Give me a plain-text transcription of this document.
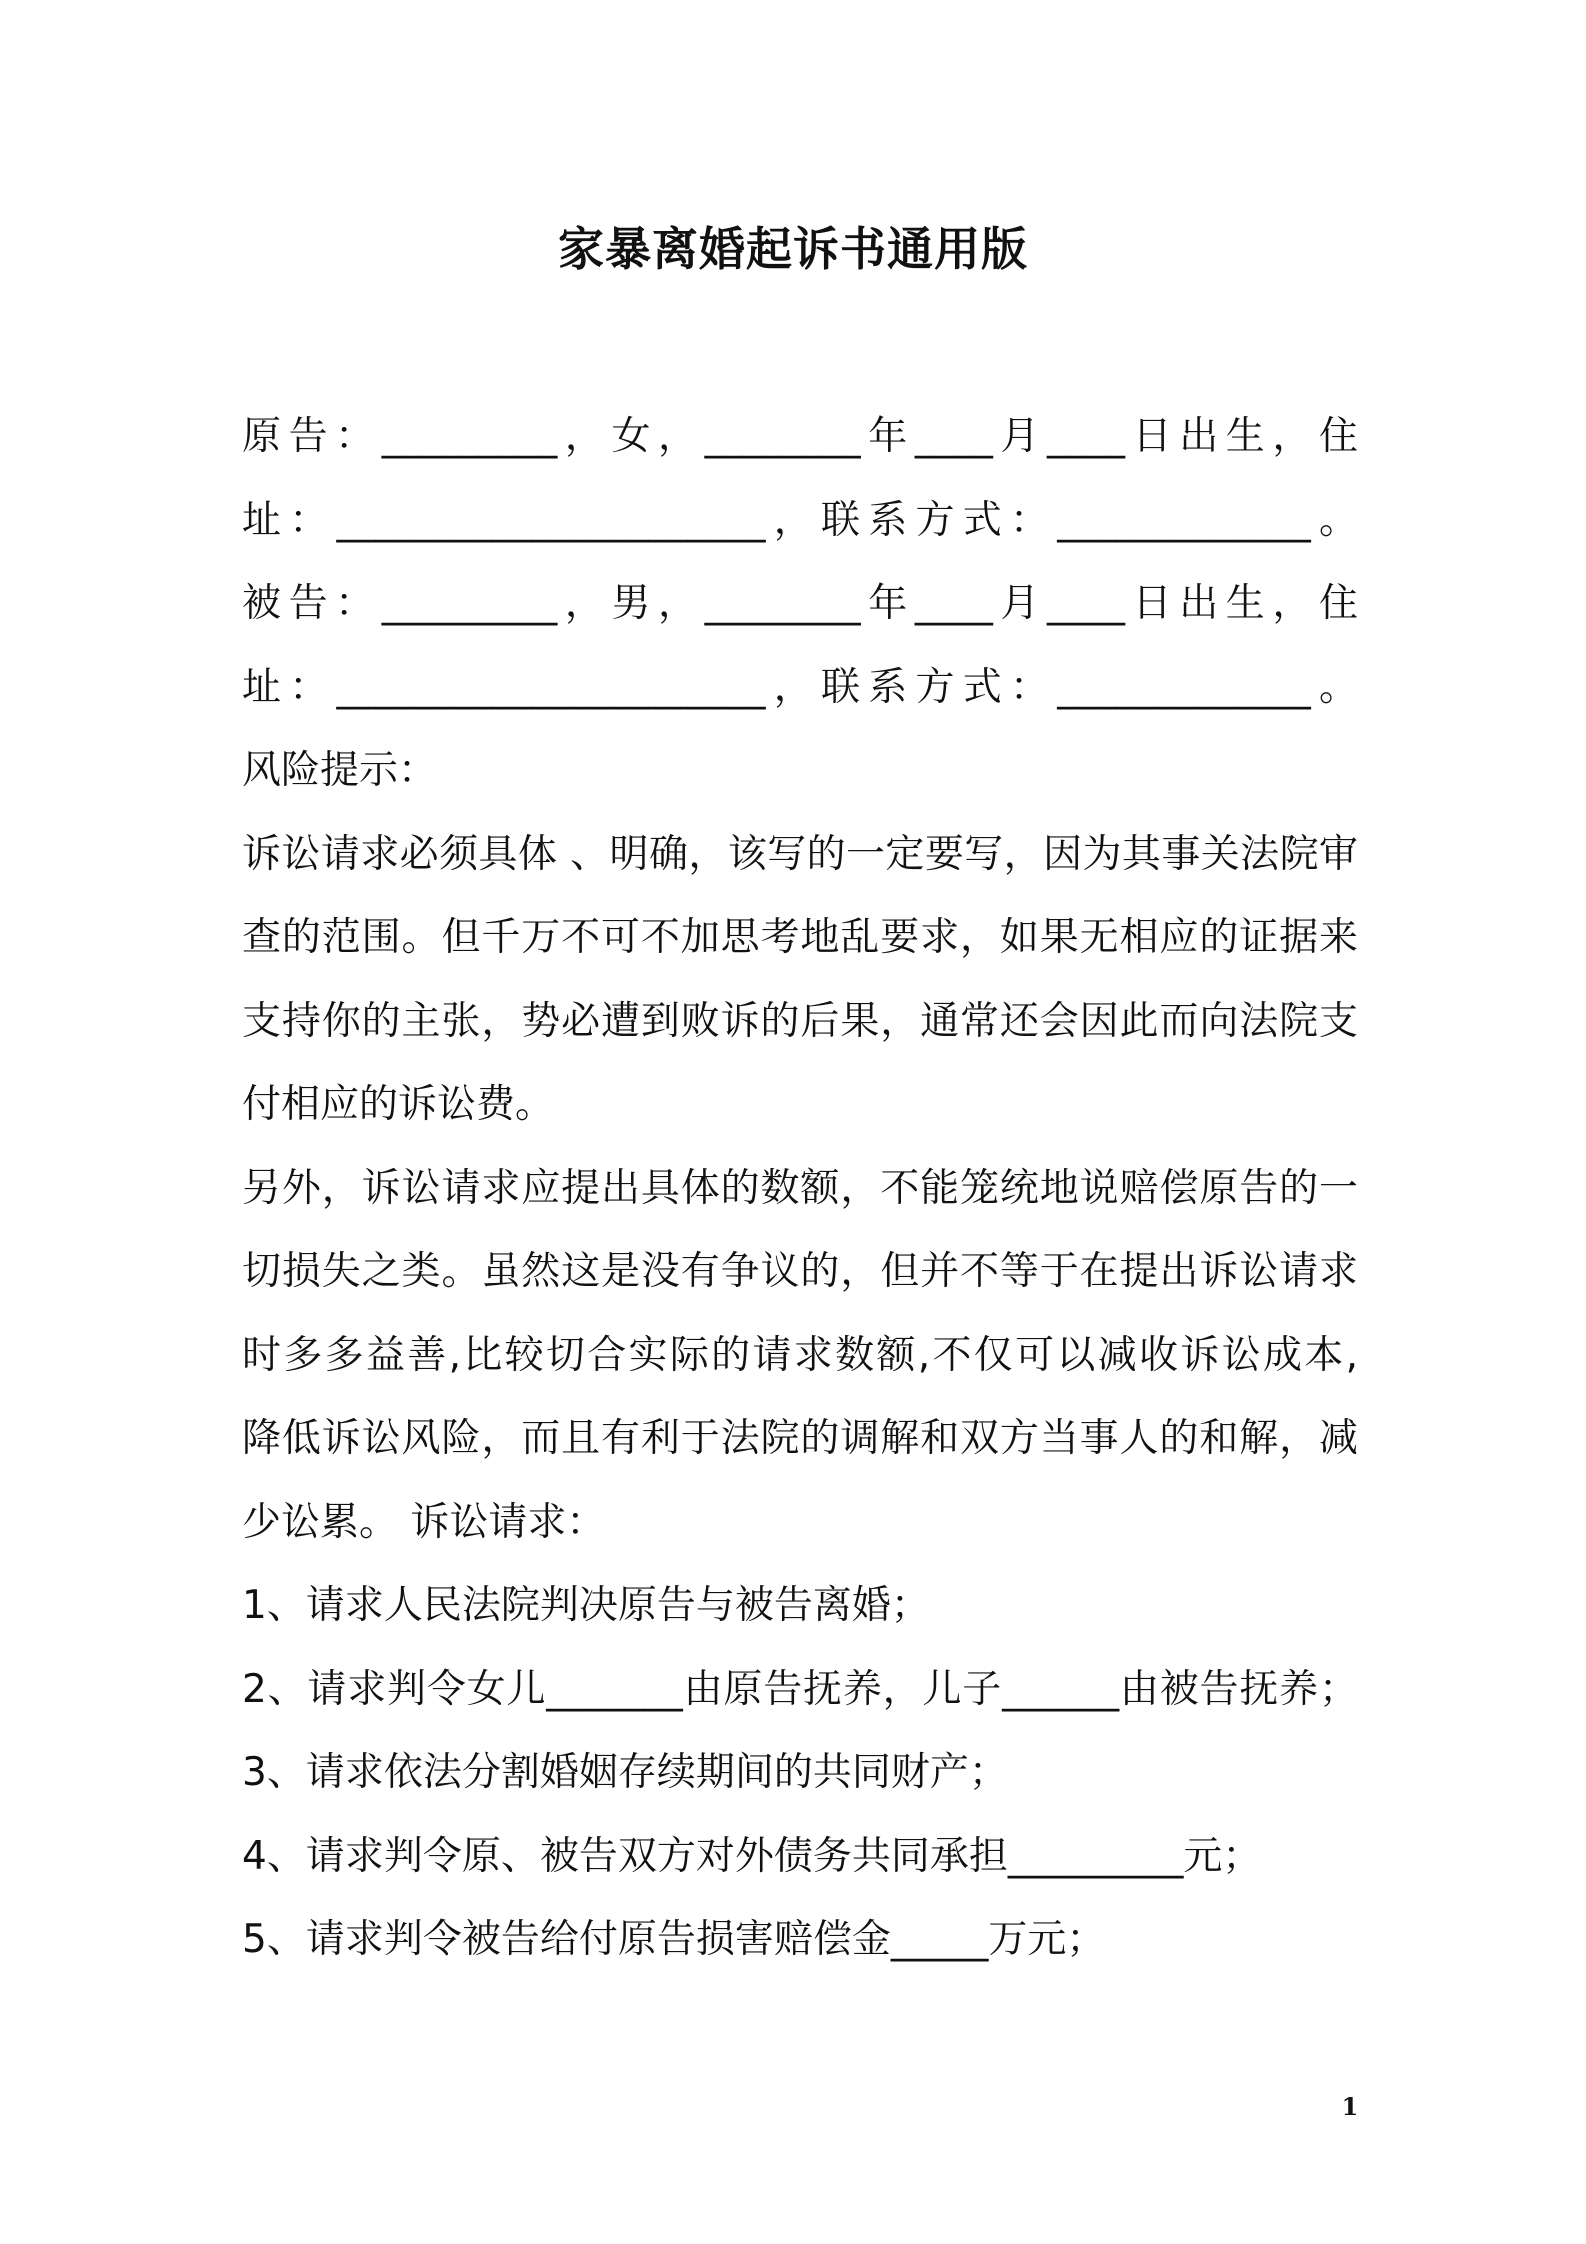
家暴离婚起诉书通用版
原告：_________，女，________年____月____日出生，住
址：______________________，联系方式：_____________。
被告：_________，男，________年____月____日出生，住
址：______________________，联系方式：_____________。
风险提示：
诉讼请求必须具体 、明确，该写的一定要写，因为其事关法院审
查的范围。但千万不可不加思考地乱要求，如果无相应的证据来
支持你的主张，势必遭到败诉的后果，通常还会因此而向法院支
付相应的诉讼费。
另外，诉讼请求应提出具体的数额，不能笼统地说赔偿原告的一
切损失之类。虽然这是没有争议的，但并不等于在提出诉讼请求
时多多益善,比较切合实际的请求数额,不仅可以减收诉讼成本,
降低诉讼风险，而且有利于法院的调解和双方当事人的和解，减
少讼累。 诉讼请求：
1、请求人民法院判决原告与被告离婚；
2、请求判令女儿_______由原告抚养，儿子______由被告抚养；
3、请求依法分割婚姻存续期间的共同财产；
4、请求判令原、被告双方对外债务共同承担_________元；
5、请求判令被告给付原告损害赔偿金_____万元；
1
